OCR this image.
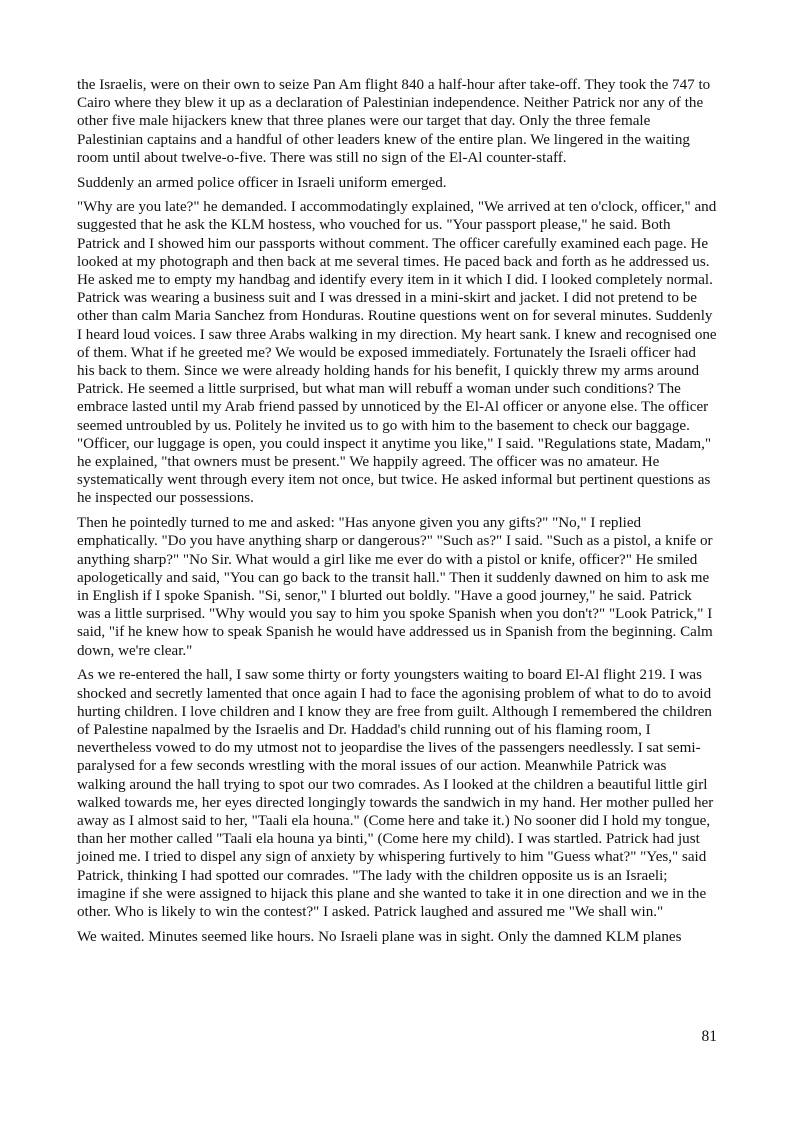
the Israelis, were on their own to seize Pan Am flight 840 a half-hour after take-off. They took the 747 to Cairo where they blew it up as a declaration of Palestinian independence. Neither Patrick nor any of the other five male hijackers knew that three planes were our target that day. Only the three female Palestinian captains and a handful of other leaders knew of the entire plan. We lingered in the waiting room until about twelve-o-five. There was still no sign of the El-Al counter-staff.

Suddenly an armed police officer in Israeli uniform emerged.

"Why are you late?" he demanded. I accommodatingly explained, "We arrived at ten o'clock, officer," and suggested that he ask the KLM hostess, who vouched for us. "Your passport please," he said. Both Patrick and I showed him our passports without comment. The officer carefully examined each page. He looked at my photograph and then back at me several times. He paced back and forth as he addressed us. He asked me to empty my handbag and identify every item in it which I did. I looked completely normal. Patrick was wearing a business suit and I was dressed in a mini-skirt and jacket. I did not pretend to be other than calm Maria Sanchez from Honduras. Routine questions went on for several minutes. Suddenly I heard loud voices. I saw three Arabs walking in my direction. My heart sank. I knew and recognised one of them. What if he greeted me? We would be exposed immediately. Fortunately the Israeli officer had his back to them. Since we were already holding hands for his benefit, I quickly threw my arms around Patrick. He seemed a little surprised, but what man will rebuff a woman under such conditions? The embrace lasted until my Arab friend passed by unnoticed by the El-Al officer or anyone else. The officer seemed untroubled by us. Politely he invited us to go with him to the basement to check our baggage. "Officer, our luggage is open, you could inspect it anytime you like," I said. "Regulations state, Madam," he explained, "that owners must be present." We happily agreed. The officer was no amateur. He systematically went through every item not once, but twice. He asked informal but pertinent questions as he inspected our possessions.

Then he pointedly turned to me and asked: "Has anyone given you any gifts?" "No," I replied emphatically. "Do you have anything sharp or dangerous?" "Such as?" I said. "Such as a pistol, a knife or anything sharp?" "No Sir. What would a girl like me ever do with a pistol or knife, officer?" He smiled apologetically and said, "You can go back to the transit hall." Then it suddenly dawned on him to ask me in English if I spoke Spanish. "Si, senor," I blurted out boldly. "Have a good journey," he said. Patrick was a little surprised. "Why would you say to him you spoke Spanish when you don't?" "Look Patrick," I said, "if he knew how to speak Spanish he would have addressed us in Spanish from the beginning. Calm down, we're clear."

As we re-entered the hall, I saw some thirty or forty youngsters waiting to board El-Al flight 219. I was shocked and secretly lamented that once again I had to face the agonising problem of what to do to avoid hurting children. I love children and I know they are free from guilt. Although I remembered the children of Palestine napalmed by the Israelis and Dr. Haddad's child running out of his flaming room, I nevertheless vowed to do my utmost not to jeopardise the lives of the passengers needlessly. I sat semi-paralysed for a few seconds wrestling with the moral issues of our action. Meanwhile Patrick was walking around the hall trying to spot our two comrades. As I looked at the children a beautiful little girl walked towards me, her eyes directed longingly towards the sandwich in my hand. Her mother pulled her away as I almost said to her, "Taali ela houna." (Come here and take it.) No sooner did I hold my tongue, than her mother called "Taali ela houna ya binti," (Come here my child). I was startled. Patrick had just joined me. I tried to dispel any sign of anxiety by whispering furtively to him "Guess what?" "Yes," said Patrick, thinking I had spotted our comrades. "The lady with the children opposite us is an Israeli; imagine if she were assigned to hijack this plane and she wanted to take it in one direction and we in the other. Who is likely to win the contest?" I asked. Patrick laughed and assured me "We shall win."

We waited. Minutes seemed like hours. No Israeli plane was in sight. Only the damned KLM planes

81
